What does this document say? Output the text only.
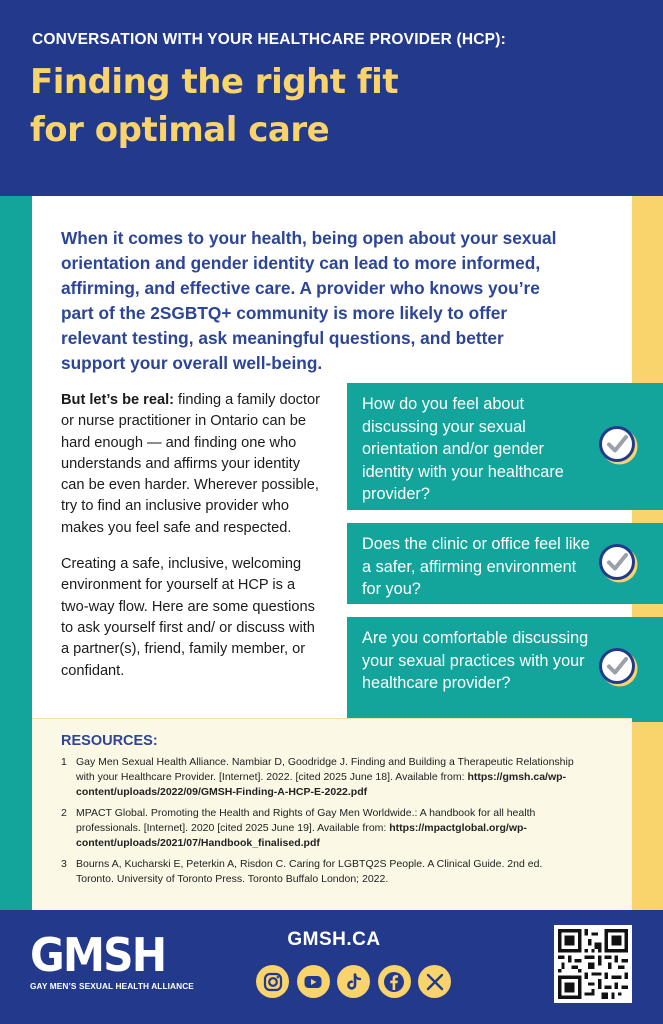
CONVERSATION WITH YOUR HEALTHCARE PROVIDER (HCP):
Finding the right fit
for optimal care
When it comes to your health, being open about your sexual orientation and gender identity can lead to more informed, affirming, and effective care. A provider who knows you’re part of the 2SGBTQ+ community is more likely to offer relevant testing, ask meaningful questions, and better support your overall well-being.

But let’s be real: finding a family doctor or nurse practitioner in Ontario can be hard enough — and finding one who understands and affirms your identity can be even harder. Wherever possible, try to find an inclusive provider who makes you feel safe and respected.

Creating a safe, inclusive, welcoming environment for yourself at HCP is a two-way flow. Here are some questions to ask yourself first and/ or discuss with a partner(s), friend, family member, or confidant.

How do you feel about discussing your sexual orientation and/or gender identity with your healthcare provider?
Does the clinic or office feel like a safer, affirming environment for you?
Are you comfortable discussing your sexual practices with your healthcare provider?
RESOURCES:
1 Gay Men Sexual Health Alliance. Nambiar D, Goodridge J. Finding and Building a Therapeutic Relationship with your Healthcare Provider. [Internet]. 2022. [cited 2025 June 18]. Available from: https://gmsh.ca/wp-content/uploads/2022/09/GMSH-Finding-A-HCP-E-2022.pdf
2 MPACT Global. Promoting the Health and Rights of Gay Men Worldwide.: A handbook for all health professionals. [Internet]. 2020 [cited 2025 June 19]. Available from: https://mpactglobal.org/wp-content/uploads/2021/07/Handbook_finalised.pdf
3 Bourns A, Kucharski E, Peterkin A, Risdon C. Caring for LGBTQ2S People. A Clinical Guide. 2nd ed. Toronto. University of Toronto Press. Toronto Buffalo London; 2022.
GMSH
GAY MEN’S SEXUAL HEALTH ALLIANCE
GMSH.CA
